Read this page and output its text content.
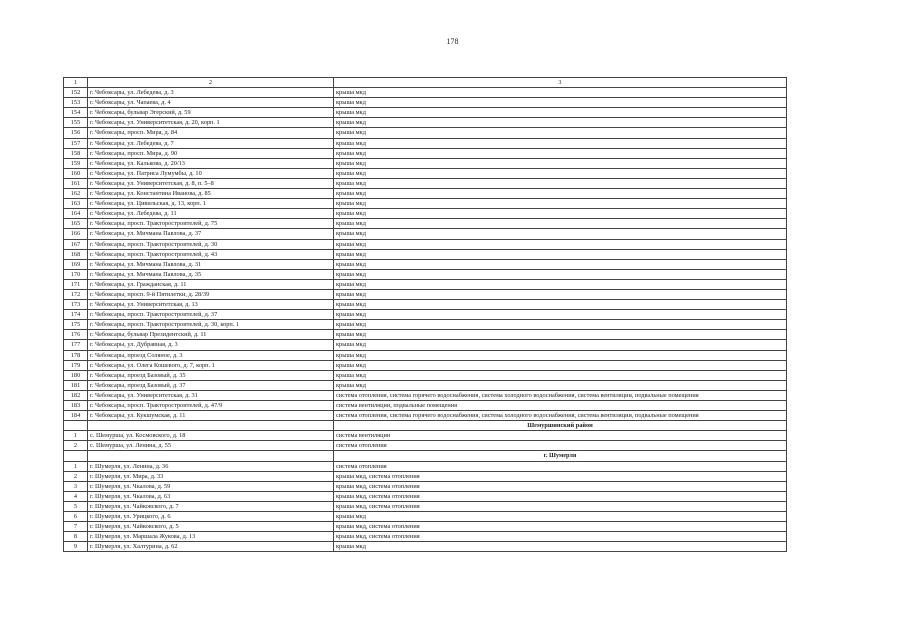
178
1	2	3
152	г. Чебоксары, ул. Лебедева, д. 3	крыша мкд
153	г. Чебоксары, ул. Чапаева, д. 4	крыша мкд
154	г. Чебоксары, бульвар Эгерский, д. 59	крыша мкд
155	г. Чебоксары, ул. Университетская, д. 20, корп. 1	крыша мкд
156	г. Чебоксары, просп. Мира, д. 84	крыша мкд
157	г. Чебоксары, ул. Лебедева, д. 7	крыша мкд
158	г. Чебоксары, просп. Мира, д. 90	крыша мкд
159	г. Чебоксары, ул. Калькова, д. 20/13	крыша мкд
160	г. Чебоксары, ул. Патриса Лумумбы, д. 10	крыша мкд
161	г. Чебоксары, ул. Университетская, д. 8, п. 5–8	крыша мкд
162	г. Чебоксары, ул. Константина Иванова, д. 85	крыша мкд
163	г. Чебоксары, ул. Цивильская, д. 13, корп. 1	крыша мкд
164	г. Чебоксары, ул. Лебедева, д. 11	крыша мкд
165	г. Чебоксары, просп. Тракторостроителей, д. 75	крыша мкд
166	г. Чебоксары, ул. Мичмана Павлова, д. 37	крыша мкд
167	г. Чебоксары, просп. Тракторостроителей, д. 30	крыша мкд
168	г. Чебоксары, просп. Тракторостроителей, д. 43	крыша мкд
169	г. Чебоксары, ул. Мичмана Павлова, д. 31	крыша мкд
170	г. Чебоксары, ул. Мичмана Павлова, д. 35	крыша мкд
171	г. Чебоксары, ул. Гражданская, д. 11	крыша мкд
172	г. Чебоксары, просп. 9-й Пятилетки, д. 28/39	крыша мкд
173	г. Чебоксары, ул. Университетская, д. 13	крыша мкд
174	г. Чебоксары, просп. Тракторостроителей, д. 37	крыша мкд
175	г. Чебоксары, просп. Тракторостроителей, д. 30, корп. 1	крыша мкд
176	г. Чебоксары, бульвар Президентский, д. 11	крыша мкд
177	г. Чебоксары, ул. Дубравная, д. 3	крыша мкд
178	г. Чебоксары, проезд Соляное, д. 3	крыша мкд
179	г. Чебоксары, ул. Олега Кошевого, д. 7, корп. 1	крыша мкд
180	г. Чебоксары, проезд Базовый, д. 35	крыша мкд
181	г. Чебоксары, проезд Базовый, д. 37	крыша мкд
182	г. Чебоксары, ул. Университетская, д. 31	система отопления, система горячего водоснабжения, система холодного водоснабжения, система вентиляции, подвальные помещения
183	г. Чебоксары, просп. Тракторостроителей, д. 47/9	система вентиляции, подвальные помещения
184	г. Чебоксары, ул. Кукшумская, д. 11	система отопления, система горячего водоснабжения, система холодного водоснабжения, система вентиляции, подвальные помещения
		Шемуршинский район
1	с. Шемурша, ул. Космовского, д. 18	система вентиляции
2	с. Шемурша, ул. Ленина, д. 55	система отопления
		г. Шумерля
1	г. Шумерля, ул. Ленина, д. 36	система отопления
2	г. Шумерля, ул. Мира, д. 33	крыша мкд, система отопления
3	г. Шумерля, ул. Чкалова, д. 59	крыша мкд, система отопления
4	г. Шумерля, ул. Чкалова, д. 63	крыша мкд, система отопления
5	г. Шумерля, ул. Чайковского, д. 7	крыша мкд, система отопления
6	г. Шумерля, ул. Урицкого, д. 6	крыша мкд
7	г. Шумерля, ул. Чайковского, д. 5	крыша мкд, система отопления
8	г. Шумерля, ул. Маршала Жукова, д. 13	крыша мкд, система отопления
9	г. Шумерля, ул. Халтурина, д. 62	крыша мкд
